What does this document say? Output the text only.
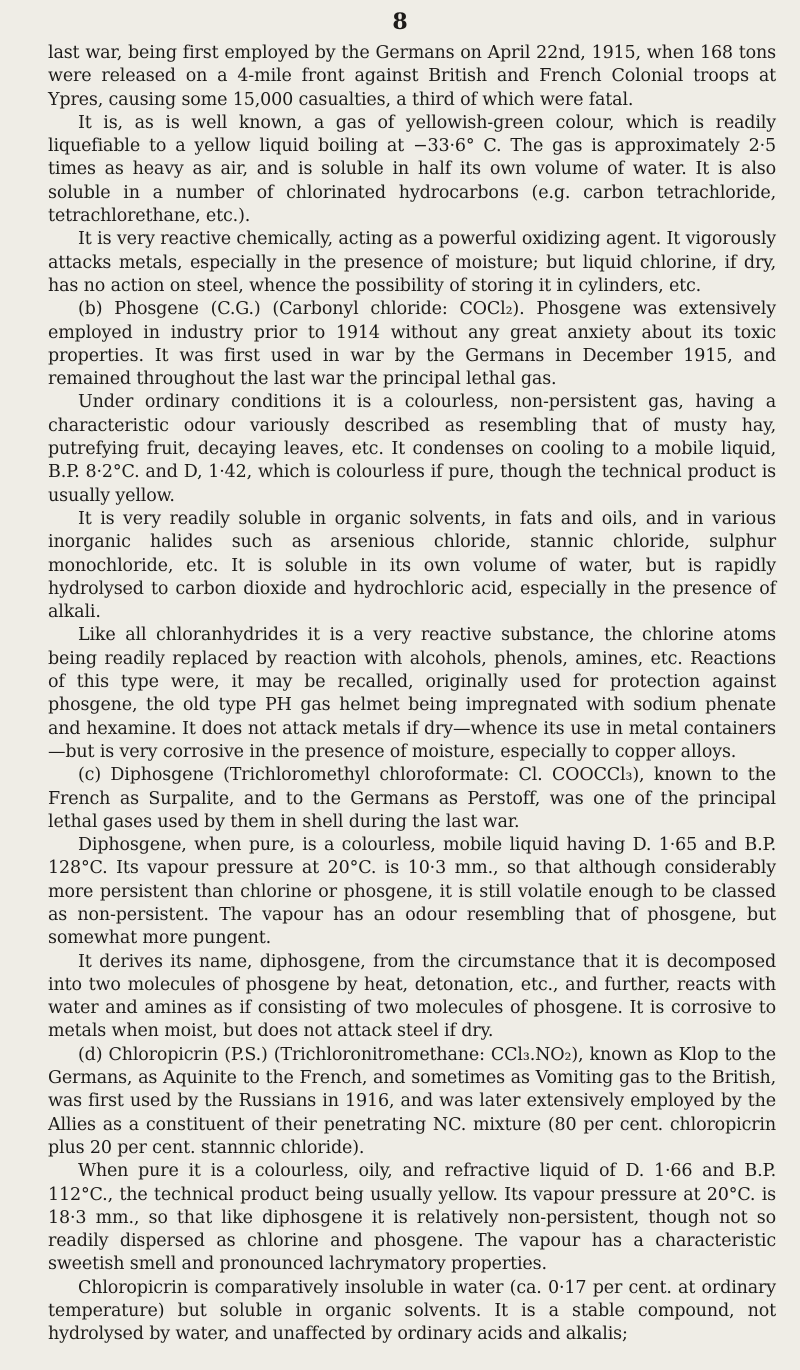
8

last war, being first employed by the Germans on April 22nd, 1915, when 168 tons were released on a 4-mile front against British and French Colonial troops at Ypres, causing some 15,000 casualties, a third of which were fatal.

It is, as is well known, a gas of yellowish-green colour, which is readily liquefiable to a yellow liquid boiling at −33·6° C. The gas is approximately 2·5 times as heavy as air, and is soluble in half its own volume of water. It is also soluble in a number of chlorinated hydrocarbons (e.g. carbon tetrachloride, tetrachlorethane, etc.).

It is very reactive chemically, acting as a powerful oxidizing agent. It vigorously attacks metals, especially in the presence of moisture; but liquid chlorine, if dry, has no action on steel, whence the possibility of storing it in cylinders, etc.

(b) Phosgene (C.G.) (Carbonyl chloride: COCl₂). Phosgene was extensively employed in industry prior to 1914 without any great anxiety about its toxic properties. It was first used in war by the Germans in December 1915, and remained throughout the last war the principal lethal gas.

Under ordinary conditions it is a colourless, non-persistent gas, having a characteristic odour variously described as resembling that of musty hay, putrefying fruit, decaying leaves, etc. It condenses on cooling to a mobile liquid, B.P. 8·2°C. and D, 1·42, which is colourless if pure, though the technical product is usually yellow.

It is very readily soluble in organic solvents, in fats and oils, and in various inorganic halides such as arsenious chloride, stannic chloride, sulphur monochloride, etc. It is soluble in its own volume of water, but is rapidly hydrolysed to carbon dioxide and hydrochloric acid, especially in the presence of alkali.

Like all chloranhydrides it is a very reactive substance, the chlorine atoms being readily replaced by reaction with alcohols, phenols, amines, etc. Reactions of this type were, it may be recalled, originally used for protection against phosgene, the old type PH gas helmet being impregnated with sodium phenate and hexamine. It does not attack metals if dry—whence its use in metal containers—but is very corrosive in the presence of moisture, especially to copper alloys.

(c) Diphosgene (Trichloromethyl chloroformate: Cl. COOCCl₃), known to the French as Surpalite, and to the Germans as Perstoff, was one of the principal lethal gases used by them in shell during the last war.

Diphosgene, when pure, is a colourless, mobile liquid having D. 1·65 and B.P. 128°C. Its vapour pressure at 20°C. is 10·3 mm., so that although considerably more persistent than chlorine or phosgene, it is still volatile enough to be classed as non-persistent. The vapour has an odour resembling that of phosgene, but somewhat more pungent.

It derives its name, diphosgene, from the circumstance that it is decomposed into two molecules of phosgene by heat, detonation, etc., and further, reacts with water and amines as if consisting of two molecules of phosgene. It is corrosive to metals when moist, but does not attack steel if dry.

(d) Chloropicrin (P.S.) (Trichloronitromethane: CCl₃.NO₂), known as Klop to the Germans, as Aquinite to the French, and sometimes as Vomiting gas to the British, was first used by the Russians in 1916, and was later extensively employed by the Allies as a constituent of their penetrating NC. mixture (80 per cent. chloropicrin plus 20 per cent. stannnic chloride).

When pure it is a colourless, oily, and refractive liquid of D. 1·66 and B.P. 112°C., the technical product being usually yellow. Its vapour pressure at 20°C. is 18·3 mm., so that like diphosgene it is relatively non-persistent, though not so readily dispersed as chlorine and phosgene. The vapour has a characteristic sweetish smell and pronounced lachrymatory properties.

Chloropicrin is comparatively insoluble in water (ca. 0·17 per cent. at ordinary temperature) but soluble in organic solvents. It is a stable compound, not hydrolysed by water, and unaffected by ordinary acids and alkalis;
